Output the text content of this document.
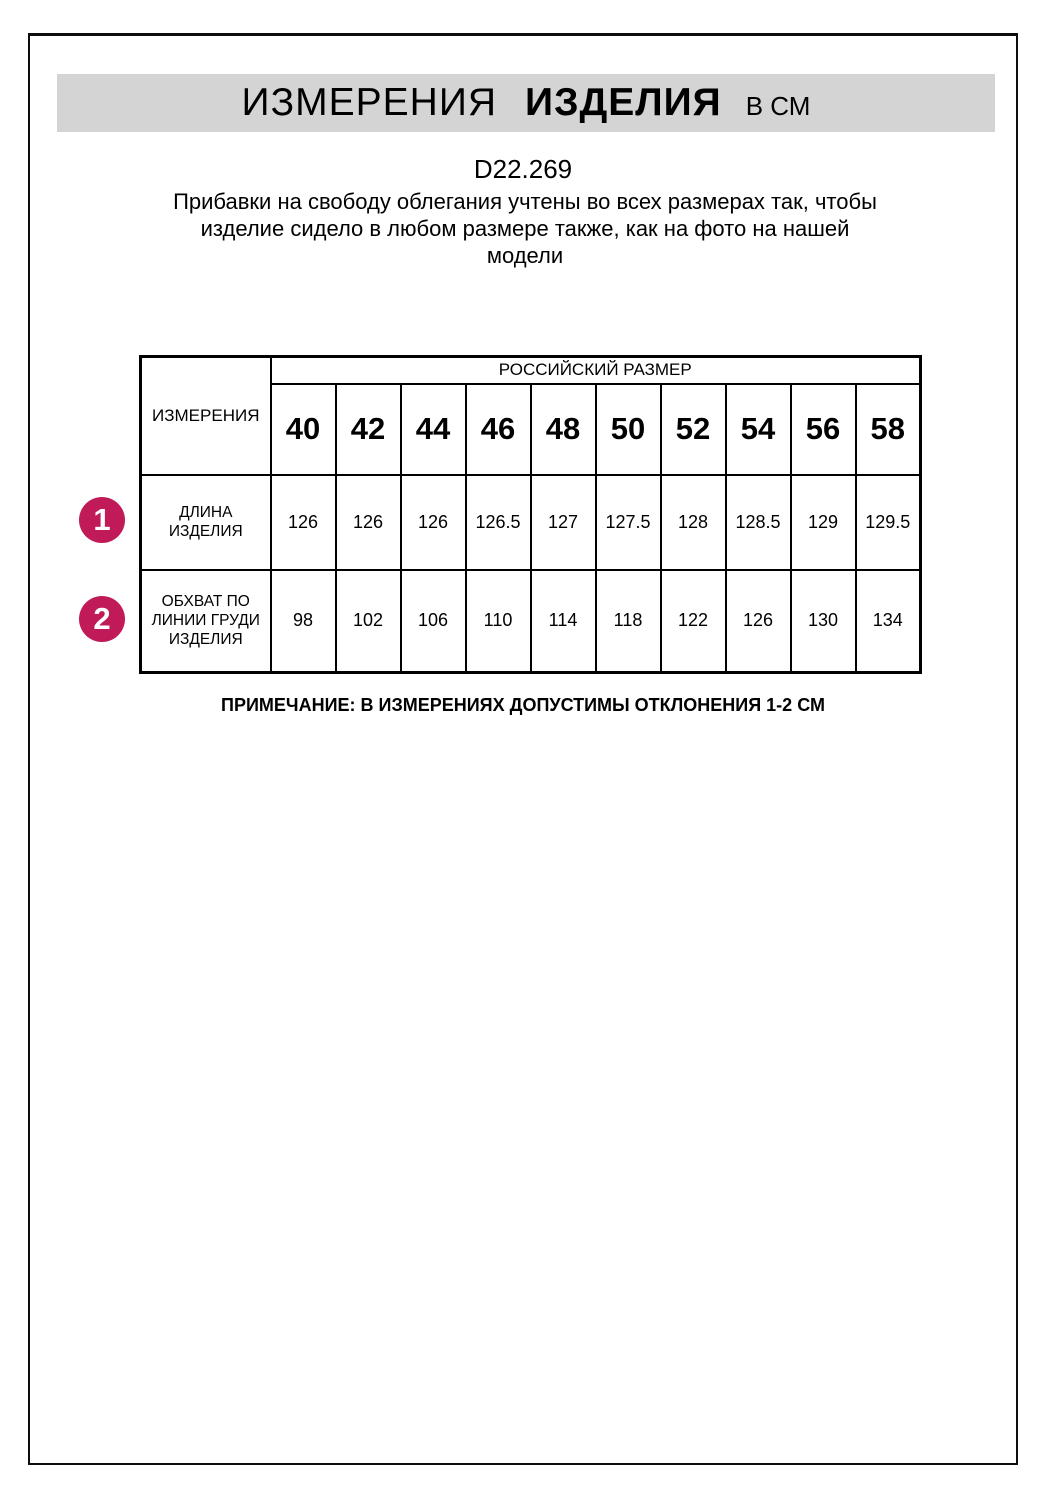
ИЗМЕРЕНИЯ ИЗДЕЛИЯ В СМ
D22.269
Прибавки на свободу облегания учтены во всех размерах так, чтобы
изделие сидело в любом размере также, как на фото на нашей
модели
1
2
ИЗМЕРЕНИЯ	РОССИЙСКИЙ РАЗМЕР									
	40	42	44	46	48	50	52	54	56	58
ДЛИНА ИЗДЕЛИЯ	126	126	126	126.5	127	127.5	128	128.5	129	129.5
ОБХВАТ ПО ЛИНИИ ГРУДИ ИЗДЕЛИЯ	98	102	106	110	114	118	122	126	130	134
ПРИМЕЧАНИЕ: В ИЗМЕРЕНИЯХ ДОПУСТИМЫ ОТКЛОНЕНИЯ 1-2 СМ
